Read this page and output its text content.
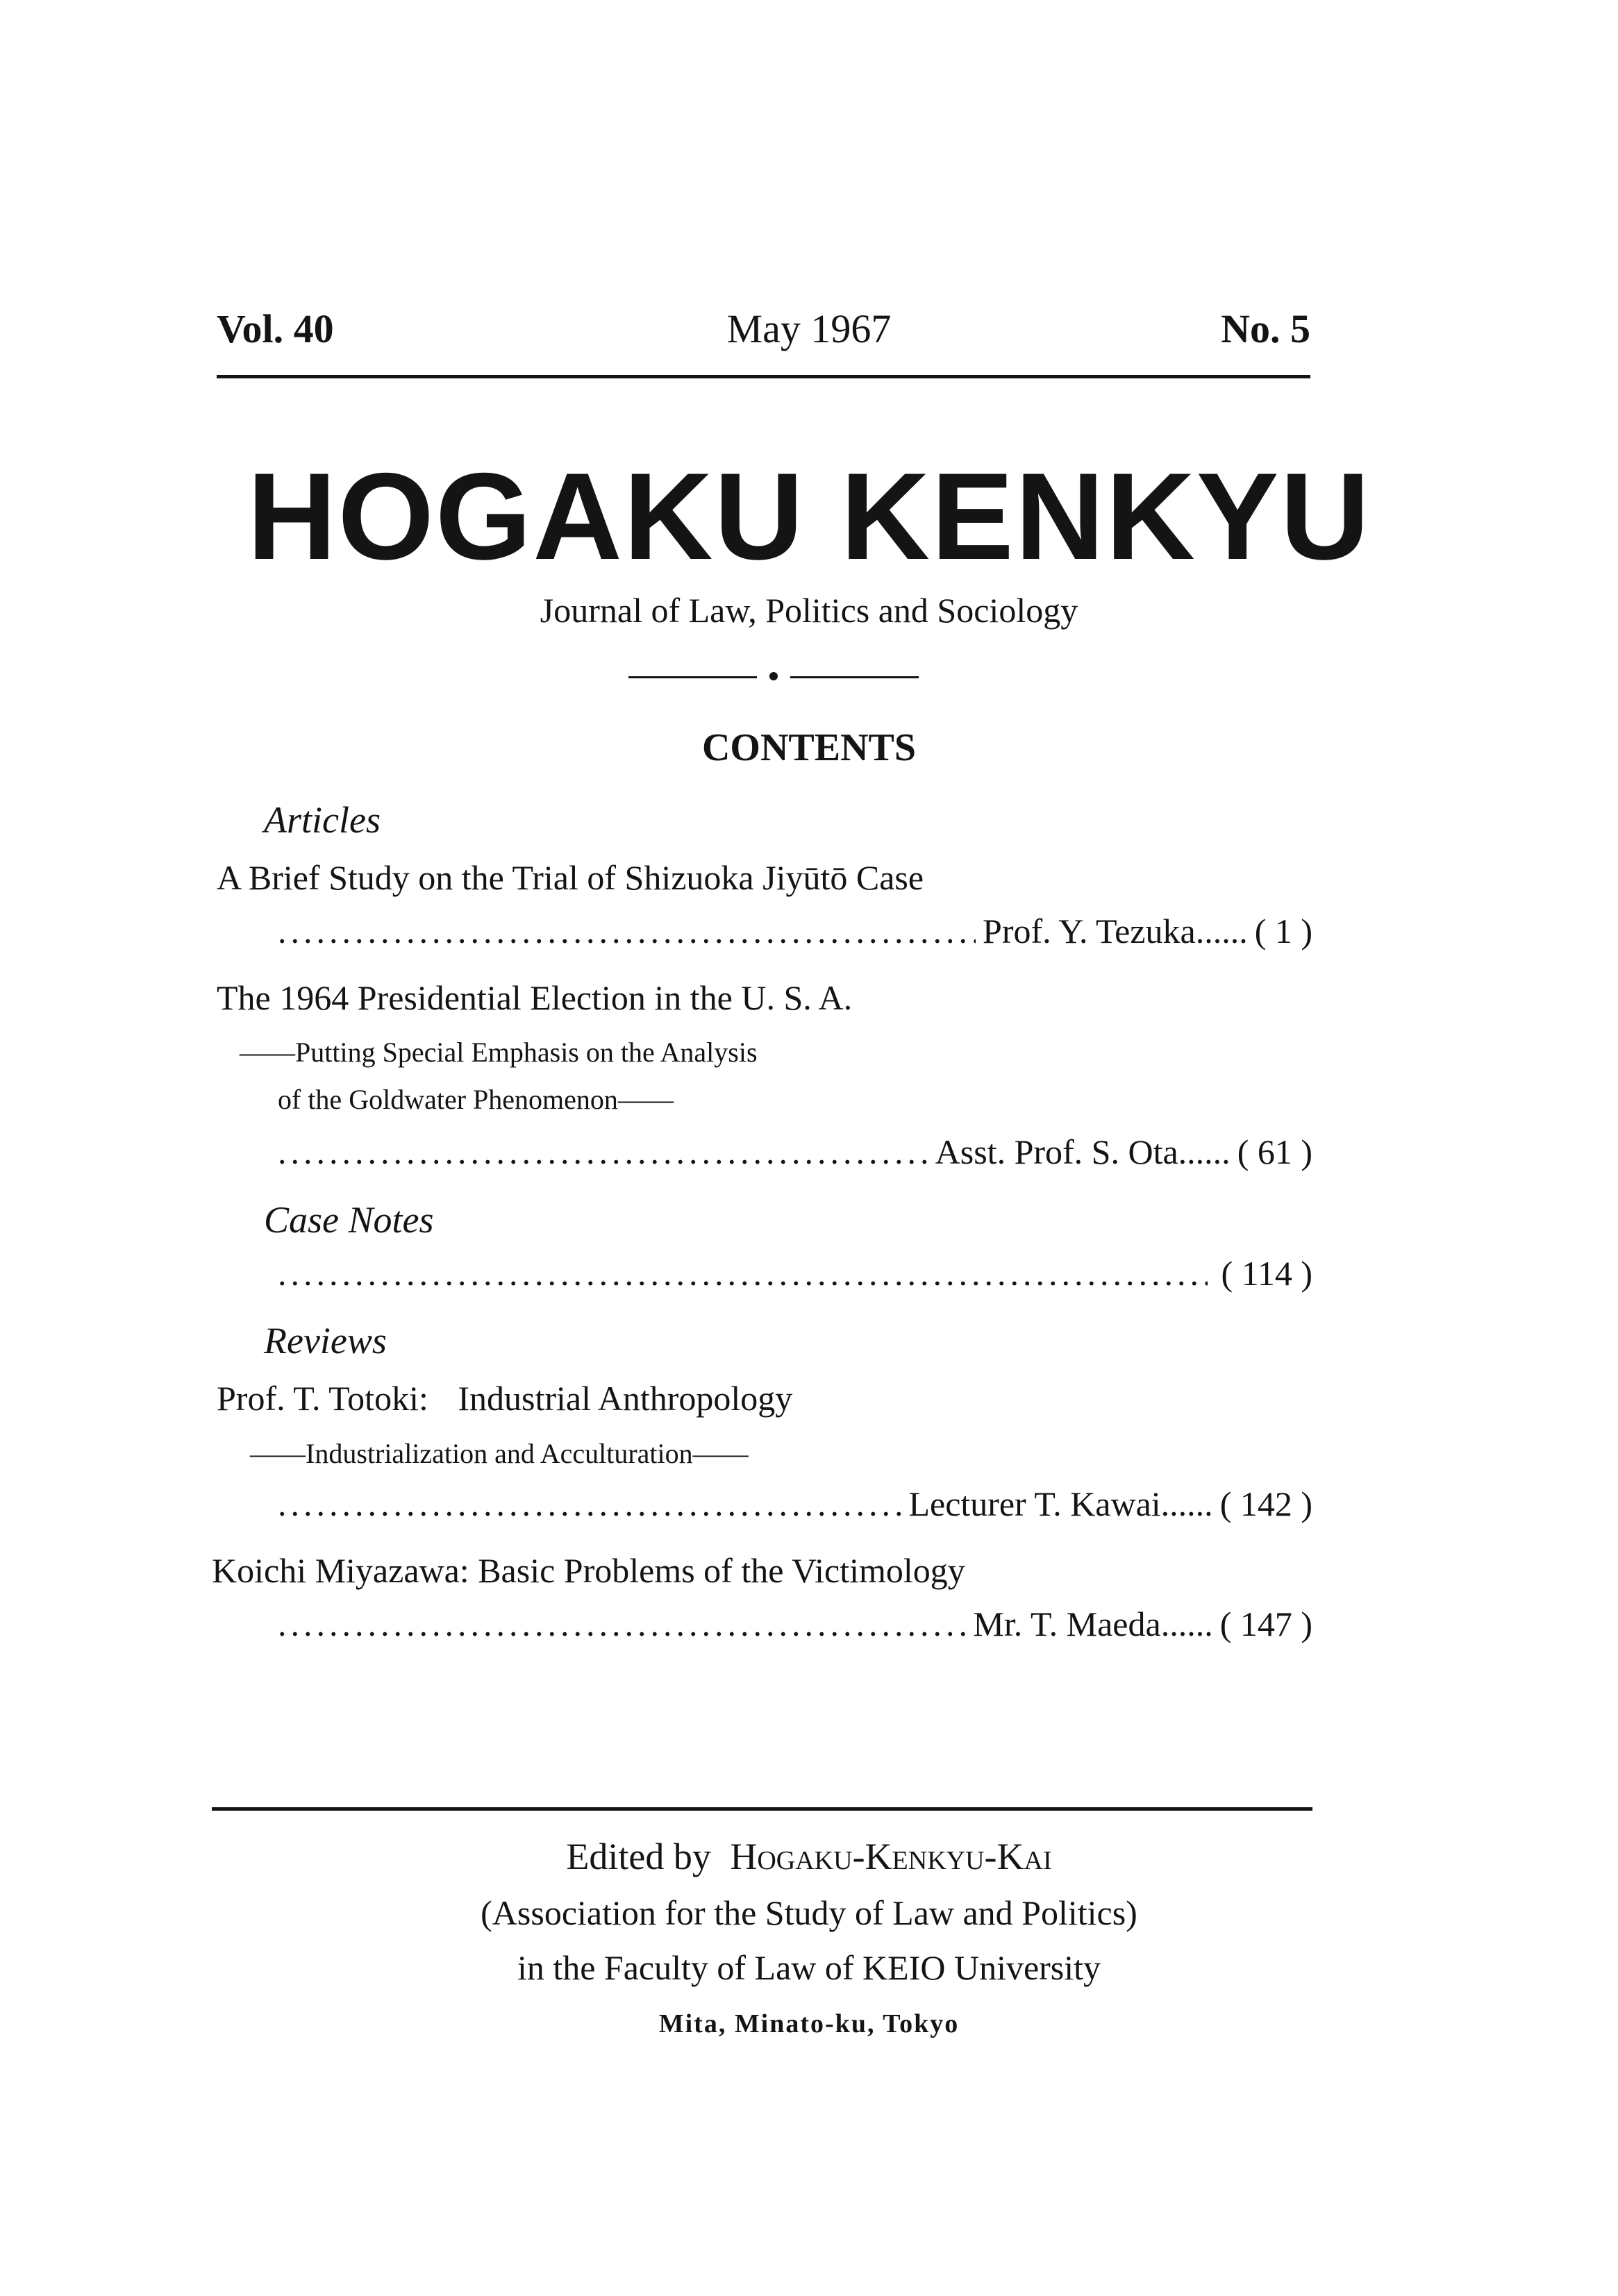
Vol. 40	May 1967	No. 5
HOGAKU KENKYU
Journal of Law, Politics and Sociology
CONTENTS
Articles
A Brief Study on the Trial of Shizuoka Jiyūtō Case
.....
Prof. Y. Tezuka...... ( 1 )
The 1964 Presidential Election in the U. S. A.
——Putting Special Emphasis on the Analysis
of the Goldwater Phenomenon——
.....
Asst. Prof. S. Ota...... ( 61 )
Case Notes
.....
( 114 )
Reviews
Prof. T. Totoki: Industrial Anthropology
——Industrialization and Acculturation——
.....
Lecturer T. Kawai...... ( 142 )
Koichi Miyazawa: Basic Problems of the Victimology
.....
Mr. T. Maeda...... ( 147 )
Edited by Hogaku-Kenkyu-Kai
(Association for the Study of Law and Politics)
in the Faculty of Law of KEIO University
Mita, Minato-ku, Tokyo
